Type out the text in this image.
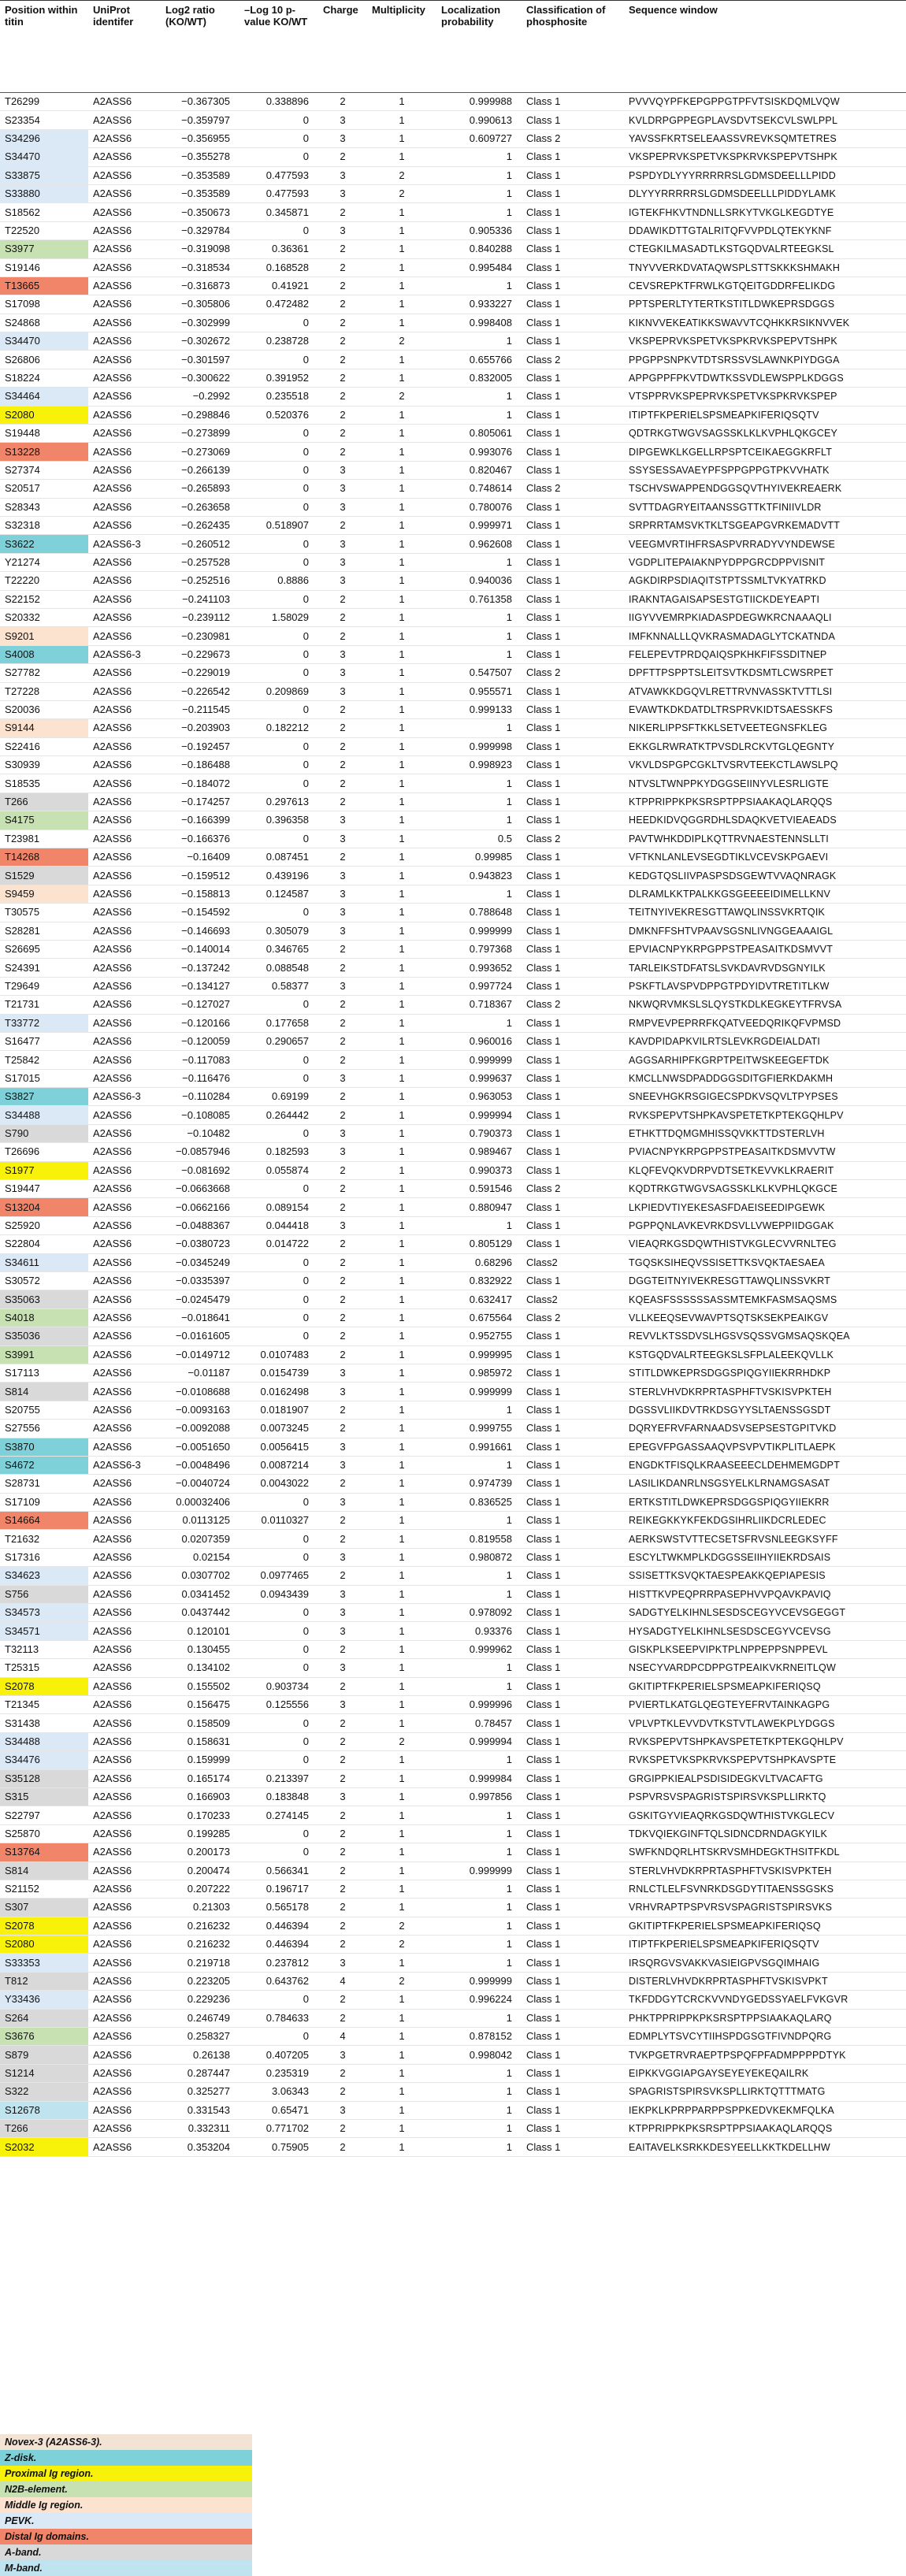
Position within titin	UniProt identifer	Log2 ratio (KO/WT)	–Log 10 p-value KO/WT	Charge	Multiplicity	Localization probability	Classification of phosphosite	Sequence window
T26299	A2ASS6	−0.367305	0.338896	2	1	0.999988	Class 1	PVVVQYPFKEPGPPGTPFVTSISKDQMLVQW
S23354	A2ASS6	−0.359797	0	3	1	0.990613	Class 1	KVLDRPGPPEGPLAVSDVTSEKCVLSWLPPL
S34296	A2ASS6	−0.356955	0	3	1	0.609727	Class 2	YAVSSFKRTSELEAASSVREVKSQMTETRES
S34470	A2ASS6	−0.355278	0	2	1	1	Class 1	VKSPEPRVKSPETVKSPKRVKSPEPVTSHPK
S33875	A2ASS6	−0.353589	0.477593	3	2	1	Class 1	PSPDYDLYYYRRRRRSLGDMSDEELLLPIDD
S33880	A2ASS6	−0.353589	0.477593	3	2	1	Class 1	DLYYYRRRRRSLGDMSDEELLLPIDDYLAMK
S18562	A2ASS6	−0.350673	0.345871	2	1	1	Class 1	IGTEKFHKVTNDNLLSRKYTVKGLKEGDTYE
T22520	A2ASS6	−0.329784	0	3	1	0.905336	Class 1	DDAWIKDTTGTALRITQFVVPDLQTEKYKNF
S3977	A2ASS6	−0.319098	0.36361	2	1	0.840288	Class 1	CTEGKILMASADTLKSTGQDVALRTEEGKSL
S19146	A2ASS6	−0.318534	0.168528	2	1	0.995484	Class 1	TNYVVERKDVATAQWSPLSTTSKKKSHMAKH
T13665	A2ASS6	−0.316873	0.41921	2	1	1	Class 1	CEVSREPKTFRWLKGTQEITGDDRFELIKDG
S17098	A2ASS6	−0.305806	0.472482	2	1	0.933227	Class 1	PPTSPERLTYTERTKSTITLDWKEPRSDGGS
S24868	A2ASS6	−0.302999	0	2	1	0.998408	Class 1	KIKNVVEKEATIKKSWAVVTCQHKKRSIKNVVEK
S34470	A2ASS6	−0.302672	0.238728	2	2	1	Class 1	VKSPEPRVKSPETVKSPKRVKSPEPVTSHPK
S26806	A2ASS6	−0.301597	0	2	1	0.655766	Class 2	PPGPPSNPKVTDTSRSSVSLAWNKPIYDGGA
S18224	A2ASS6	−0.300622	0.391952	2	1	0.832005	Class 1	APPGPPFPKVTDWTKSSVDLEWSPPLKDGGS
S34464	A2ASS6	−0.2992	0.235518	2	2	1	Class 1	VTSPPRVKSPEPRVKSPETVKSPKRVKSPEP
S2080	A2ASS6	−0.298846	0.520376	2	1	1	Class 1	ITIPTFKPERIELSPSMEAPKIFERIQSQTV
S19448	A2ASS6	−0.273899	0	2	1	0.805061	Class 1	QDTRKGTWGVSAGSSKLKLKVPHLQKGCEY
S13228	A2ASS6	−0.273069	0	2	1	0.993076	Class 1	DIPGEWKLKGELLRPSPTCEIKAEGGKRFLT
S27374	A2ASS6	−0.266139	0	3	1	0.820467	Class 1	SSYSESSAVAEYPFSPPGPPGTPKVVHATK
S20517	A2ASS6	−0.265893	0	3	1	0.748614	Class 2	TSCHVSWAPPENDGGSQVTHYIVEKREAERK
S28343	A2ASS6	−0.263658	0	3	1	0.780076	Class 1	SVTTDAGRYEITAANSSGTTKTFINIIVLDR
S32318	A2ASS6	−0.262435	0.518907	2	1	0.999971	Class 1	SRPRRTAMSVKTKLTSGEAPGVRKEMADVTT
S3622	A2ASS6-3	−0.260512	0	3	1	0.962608	Class 1	VEEGMVRTIHFRSASPVRRADYVYNDEWSE
Y21274	A2ASS6	−0.257528	0	3	1	1	Class 1	VGDPLITEPAIAKNPYDPPGRCDPPVISNIT
T22220	A2ASS6	−0.252516	0.8886	3	1	0.940036	Class 1	AGKDIRPSDIAQITSTPTSSMLTVKYATRKD
S22152	A2ASS6	−0.241103	0	2	1	0.761358	Class 1	IRAKNTAGAISAPSESTGTIICKDEYEAPTI
S20332	A2ASS6	−0.239112	1.58029	2	1	1	Class 1	IIGYVVEMRPKIADASPDEGWKRCNAAAQLI
S9201	A2ASS6	−0.230981	0	2	1	1	Class 1	IMFKNNALLLQVKRASMADAGLYTCKATNDA
S4008	A2ASS6-3	−0.229673	0	3	1	1	Class 1	FELEPEVTPRDQAIQSPKHKFIFSSDITNEP
S27782	A2ASS6	−0.229019	0	3	1	0.547507	Class 2	DPFTTPSPPTSLEITSVTKDSMTLCWSRPET
T27228	A2ASS6	−0.226542	0.209869	3	1	0.955571	Class 1	ATVAWKKDGQVLRETTRVNVASSKTVTTLSI
S20036	A2ASS6	−0.211545	0	2	1	0.999133	Class 1	EVAWTKDKDATDLTRSPRVKIDTSAESSKFS
S9144	A2ASS6	−0.203903	0.182212	2	1	1	Class 1	NIKERLIPPSFTKKLSETVEETEGNSFKLEG
S22416	A2ASS6	−0.192457	0	2	1	0.999998	Class 1	EKKGLRWRATKTPVSDLRCKVTGLQEGNTY
S30939	A2ASS6	−0.186488	0	2	1	0.998923	Class 1	VKVLDSPGPCGKLTVSRVTEEKCTLAWSLPQ
S18535	A2ASS6	−0.184072	0	2	1	1	Class 1	NTVSLTWNPPKYDGGSEIINYVLESRLIGTE
T266	A2ASS6	−0.174257	0.297613	2	1	1	Class 1	KTPPRIPPKPKSRSPTPPSIAAKAQLARQQS
S4175	A2ASS6	−0.166399	0.396358	3	1	1	Class 1	HEEDKIDVQGGRDHLSDAQKVETVIEAEADS
T23981	A2ASS6	−0.166376	0	3	1	0.5	Class 2	PAVTWHKDDIPLKQTTRVNAESTENNSLLTI
T14268	A2ASS6	−0.16409	0.087451	2	1	0.99985	Class 1	VFTKNLANLEVSEGDTIKLVCEVSKPGAEVI
S1529	A2ASS6	−0.159512	0.439196	3	1	0.943823	Class 1	KEDGTQSLIIVPASPSDSGEWTVVAQNRAGK
S9459	A2ASS6	−0.158813	0.124587	3	1	1	Class 1	DLRAMLKKTPALKKGSGEEEEIDIMELLKNV
T30575	A2ASS6	−0.154592	0	3	1	0.788648	Class 1	TEITNYIVEKRESGTTAWQLINSSVKRTQIK
S28281	A2ASS6	−0.146693	0.305079	3	1	0.999999	Class 1	DMKNFFSHTVPAAVSGSNLIVNGGEAAAIGL
S26695	A2ASS6	−0.140014	0.346765	2	1	0.797368	Class 1	EPVIACNPYKRPGPPSTPEASAITKDSMVVT
S24391	A2ASS6	−0.137242	0.088548	2	1	0.993652	Class 1	TARLEIKSTDFATSLSVKDAVRVDSGNYILK
T29649	A2ASS6	−0.134127	0.58377	3	1	0.997724	Class 1	PSKFTLAVSPVDPPGTPDYIDVTRETITLKW
T21731	A2ASS6	−0.127027	0	2	1	0.718367	Class 2	NKWQRVMKSLSLQYSTKDLKEGKEYTFRVSA
T33772	A2ASS6	−0.120166	0.177658	2	1	1	Class 1	RMPVEVPEPRRFKQATVEEDQRIKQFVPMSD
S16477	A2ASS6	−0.120059	0.290657	2	1	0.960016	Class 1	KAVDPIDAPKVILRTSLEVKRGDEIALDATI
T25842	A2ASS6	−0.117083	0	2	1	0.999999	Class 1	AGGSARHIPFKGRPTPEITWSKEEGEFTDK
S17015	A2ASS6	−0.116476	0	3	1	0.999637	Class 1	KMCLLNWSDPADDGGSDITGFIERKDAKMH
S3827	A2ASS6-3	−0.110284	0.69199	2	1	0.963053	Class 1	SNEEVHGKRSGIGECSPDKVSQVLTPYPSES
S34488	A2ASS6	−0.108085	0.264442	2	1	0.999994	Class 1	RVKSPEPVTSHPKAVSPETETKPTEKGQHLPV
S790	A2ASS6	−0.10482	0	3	1	0.790373	Class 1	ETHKTTDQMGMHISSQVKKTTDSTERLVH
T26696	A2ASS6	−0.0857946	0.182593	3	1	0.989467	Class 1	PVIACNPYKRPGPPSTPEASAITKDSMVVTW
S1977	A2ASS6	−0.081692	0.055874	2	1	0.990373	Class 1	KLQFEVQKVDRPVDTSETKEVVKLKRAERIT
S19447	A2ASS6	−0.0663668	0	2	1	0.591546	Class 2	KQDTRKGTWGVSAGSSKLKLKVPHLQKGCE
S13204	A2ASS6	−0.0662166	0.089154	2	1	0.880947	Class 1	LKPIEDVTIYEKESASFDAEISEEDIPGEWK
S25920	A2ASS6	−0.0488367	0.044418	3	1	1	Class 1	PGPPQNLAVKEVRKDSVLLVWEPPIIDGGAK
S22804	A2ASS6	−0.0380723	0.014722	2	1	0.805129	Class 1	VIEAQRKGSDQWTHISTVKGLECVVRNLTEG
S34611	A2ASS6	−0.0345249	0	2	1	0.68296	Class2	TGQSKSIHEQVSSISETTKSVQKTAESAEA
S30572	A2ASS6	−0.0335397	0	2	1	0.832922	Class 1	DGGTEITNYIVEKRESGTTAWQLINSSVKRT
S35063	A2ASS6	−0.0245479	0	2	1	0.632417	Class2	KQEASFSSSSSSASSMTEMKFASMSAQSMS
S4018	A2ASS6	−0.018641	0	2	1	0.675564	Class 2	VLLKEEQSEVWAVPTSQTSKSEKPEAIKGV
S35036	A2ASS6	−0.0161605	0	2	1	0.952755	Class 1	REVVLKTSSDVSLHGSVSQSSVGMSAQSKQEA
S3991	A2ASS6	−0.0149712	0.0107483	2	1	0.999995	Class 1	KSTGQDVALRTEEGKSLSFPLALEEKQVLLK
S17113	A2ASS6	−0.01187	0.0154739	3	1	0.985972	Class 1	STITLDWKEPRSDGGSPIQGYIIEKRRHDKP
S814	A2ASS6	−0.0108688	0.0162498	3	1	0.999999	Class 1	STERLVHVDKRPRTASPHFTVSKISVPKTEH
S20755	A2ASS6	−0.0093163	0.0181907	2	1	1	Class 1	DGSSVLIIKDVTRKDSGYYSLTAENSSGSDT
S27556	A2ASS6	−0.0092088	0.0073245	2	1	0.999755	Class 1	DQRYEFRVFARNAADSVSEPSESTGPITVKD
S3870	A2ASS6	−0.0051650	0.0056415	3	1	0.991661	Class 1	EPEGVFPGASSAAQVPSVPVTIKPLITLAEPK
S4672	A2ASS6-3	−0.0048496	0.0087214	3	1	1	Class 1	ENGDKTFISQLKRAASEEECLDEHMEMGDPT
S28731	A2ASS6	−0.0040724	0.0043022	2	1	0.974739	Class 1	LASILIKDANRLNSGSYELKLRNAMGSASAT
S17109	A2ASS6	0.00032406	0	3	1	0.836525	Class 1	ERTKSTITLDWKEPRSDGGSPIQGYIIEKRR
S14664	A2ASS6	0.0113125	0.0110327	2	1	1	Class 1	REIKEGKKYKFEKDGSIHRLIIKDCRLEDEC
T21632	A2ASS6	0.0207359	0	2	1	0.819558	Class 1	AERKSWSTVTTECSETSFRVSNLEEGKSYFF
S17316	A2ASS6	0.02154	0	3	1	0.980872	Class 1	ESCYLTWKMPLKDGGSSEIIHYIIEKRDSAIS
S34623	A2ASS6	0.0307702	0.0977465	2	1	1	Class 1	SSISETTKSVQKTAESPEAKKQEPIAPESIS
S756	A2ASS6	0.0341452	0.0943439	3	1	1	Class 1	HISTTKVPEQPRRPASEPHVVPQAVKPAVIQ
S34573	A2ASS6	0.0437442	0	3	1	0.978092	Class 1	SADGTYELKIHNLSESDSCEGYVCEVSGEGGT
S34571	A2ASS6	0.120101	0	3	1	0.93376	Class 1	HYSADGTYELKIHNLSESDSCEGYVCEVSG
T32113	A2ASS6	0.130455	0	2	1	0.999962	Class 1	GISKPLKSEEPVIPKTPLNPPEPPSNPPEVL
T25315	A2ASS6	0.134102	0	3	1	1	Class 1	NSECYVARDPCDPPGTPEAIKVKRNEITLQW
S2078	A2ASS6	0.155502	0.903734	2	1	1	Class 1	GKITIPTFKPERIELSPSMEAPKIFERIQSQ
T21345	A2ASS6	0.156475	0.125556	3	1	0.999996	Class 1	PVIERTLKATGLQEGTEYEFRVTAINKAGPG
S31438	A2ASS6	0.158509	0	2	1	0.78457	Class 1	VPLVPTKLEVVDVTKSTVTLAWEKPLYDGGS
S34488	A2ASS6	0.158631	0	2	2	0.999994	Class 1	RVKSPEPVTSHPKAVSPETETKPTEKGQHLPV
S34476	A2ASS6	0.159999	0	2	1	1	Class 1	RVKSPETVKSPKRVKSPEPVTSHPKAVSPTE
S35128	A2ASS6	0.165174	0.213397	2	1	0.999984	Class 1	GRGIPPKIEALPSDISIDEGKVLTVACAFTG
S315	A2ASS6	0.166903	0.183848	3	1	0.997856	Class 1	PSPVRSVSPAGRISTSPIRSVKSPLLIRKTQ
S22797	A2ASS6	0.170233	0.274145	2	1	1	Class 1	GSKITGYVIEAQRKGSDQWTHISTVKGLECV
S25870	A2ASS6	0.199285	0	2	1	1	Class 1	TDKVQIEKGINFTQLSIDNCDRNDAGKYILK
S13764	A2ASS6	0.200173	0	2	1	1	Class 1	SWFKNDQRLHTSKRVSMHDEGKTHSITFKDL
S814	A2ASS6	0.200474	0.566341	2	1	0.999999	Class 1	STERLVHVDKRPRTASPHFTVSKISVPKTEH
S21152	A2ASS6	0.207222	0.196717	2	1	1	Class 1	RNLCTLELFSVNRKDSGDYTITAENSSGSKS
S307	A2ASS6	0.21303	0.565178	2	1	1	Class 1	VRHVRAPTPSPVRSVSPAGRISTSPIRSVKS
S2078	A2ASS6	0.216232	0.446394	2	2	1	Class 1	GKITIPTFKPERIELSPSMEAPKIFERIQSQ
S2080	A2ASS6	0.216232	0.446394	2	2	1	Class 1	ITIPTFKPERIELSPSMEAPKIFERIQSQTV
S33353	A2ASS6	0.219718	0.237812	3	1	1	Class 1	IRSQRGVSVAKKVASIEIGPVSGQIMHAIG
T812	A2ASS6	0.223205	0.643762	4	2	0.999999	Class 1	DISTERLVHVDKRPRTASPHFTVSKISVPKT
Y33436	A2ASS6	0.229236	0	2	1	0.996224	Class 1	TKFDDGYTCRCKVVNDYGEDSSYAELFVKGVR
S264	A2ASS6	0.246749	0.784633	2	1	1	Class 1	PHKTPPRIPPKPKSRSPTPPSIAAKAQLARQ
S3676	A2ASS6	0.258327	0	4	1	0.878152	Class 1	EDMPLYTSVCYTIIHSPDGSGTFIVNDPQRG
S879	A2ASS6	0.26138	0.407205	3	1	0.998042	Class 1	TVKPGETRVRAEPTPSPQFPFADMPPPPDTYK
S1214	A2ASS6	0.287447	0.235319	2	1	1	Class 1	EIPKKVGGIAPGAYSEYEYEKEQAILRK
S322	A2ASS6	0.325277	3.06343	2	1	1	Class 1	SPAGRISTSPIRSVKSPLLIRKTQTTTMATG
S12678	A2ASS6	0.331543	0.65471	3	1	1	Class 1	IEKPKLKPRPPARPPSPPKEDVKEKMFQLKA
T266	A2ASS6	0.332311	0.771702	2	1	1	Class 1	KTPPRIPPKPKSRSPTPPSIAAKAQLARQQS
S2032	A2ASS6	0.353204	0.75905	2	1	1	Class 1	EAITAVELKSRKKDESYEELLKKTKDELLHW
Novex-3 (A2ASS6-3).
Z-disk.
Proximal Ig region.
N2B-element.
Middle Ig region.
PEVK.
Distal Ig domains.
A-band.
M-band.
